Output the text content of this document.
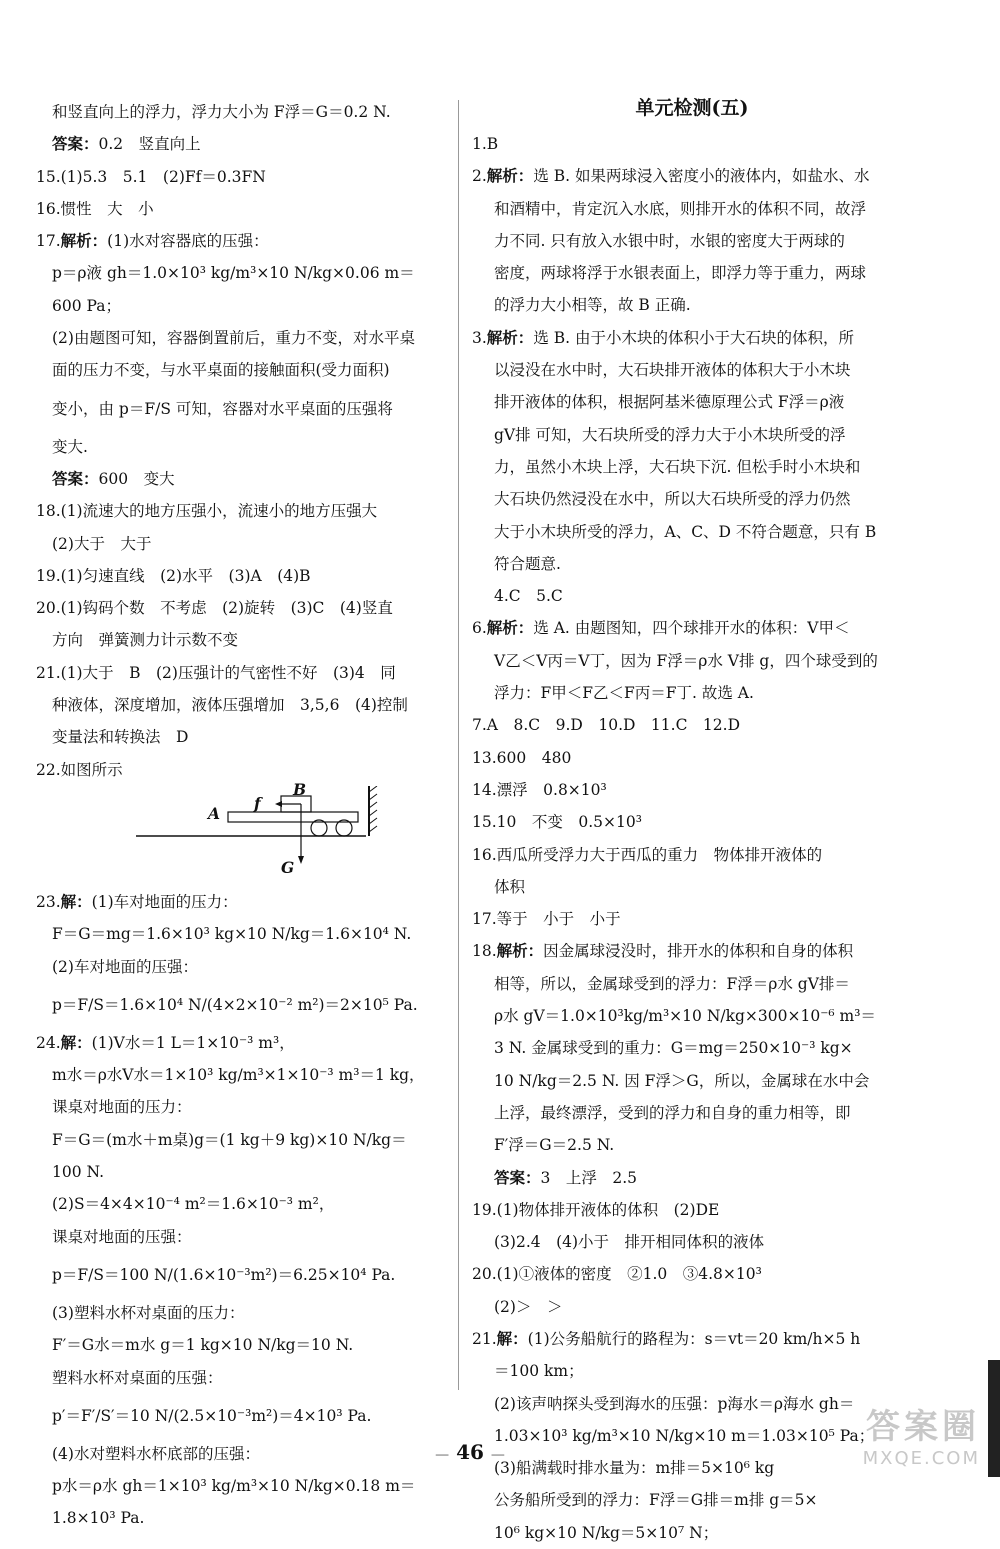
和竖直向上的浮力，浮力大小为 F浮＝G＝0.2 N.
答案：0.2　竖直向上
15.(1)5.3　5.1　(2)Ff＝0.3FN
16.惯性　大　小
17.解析：(1)水对容器底的压强：
p＝ρ液 gh＝1.0×10³ kg/m³×10 N/kg×0.06 m＝
600 Pa；
(2)由题图可知，容器倒置前后，重力不变，对水平桌
面的压力不变，与水平桌面的接触面积(受力面积)
变小，由 p＝F/S 可知，容器对水平桌面的压强将
变大.
答案：600　变大
18.(1)流速大的地方压强小，流速小的地方压强大
(2)大于　大于
19.(1)匀速直线　(2)水平　(3)A　(4)B
20.(1)钩码个数　不考虑　(2)旋转　(3)C　(4)竖直
方向　弹簧测力计示数不变
21.(1)大于　B　(2)压强计的气密性不好　(3)4　同
种液体，深度增加，液体压强增加　3,5,6　(4)控制
变量法和转换法　D
22.如图所示
B
f
A
G
23.解：(1)车对地面的压力：
F＝G＝mg＝1.6×10³ kg×10 N/kg＝1.6×10⁴ N.
(2)车对地面的压强：
p＝F/S＝1.6×10⁴ N/(4×2×10⁻² m²)＝2×10⁵ Pa.
24.解：(1)V水＝1 L＝1×10⁻³ m³，
m水＝ρ水V水＝1×10³ kg/m³×1×10⁻³ m³＝1 kg，
课桌对地面的压力：
F＝G＝(m水＋m桌)g＝(1 kg＋9 kg)×10 N/kg＝
100 N.
(2)S＝4×4×10⁻⁴ m²＝1.6×10⁻³ m²，
课桌对地面的压强：
p＝F/S＝100 N/(1.6×10⁻³m²)＝6.25×10⁴ Pa.
(3)塑料水杯对桌面的压力：
F′＝G水＝m水 g＝1 kg×10 N/kg＝10 N.
塑料水杯对桌面的压强：
p′＝F′/S′＝10 N/(2.5×10⁻³m²)＝4×10³ Pa.
(4)水对塑料水杯底部的压强：
p水＝ρ水 gh＝1×10³ kg/m³×10 N/kg×0.18 m＝
1.8×10³ Pa.
单元检测(五)
1.B
2.解析：选 B. 如果两球浸入密度小的液体内，如盐水、水
和酒精中，肯定沉入水底，则排开水的体积不同，故浮
力不同. 只有放入水银中时，水银的密度大于两球的
密度，两球将浮于水银表面上，即浮力等于重力，两球
的浮力大小相等，故 B 正确.
3.解析：选 B. 由于小木块的体积小于大石块的体积，所
以浸没在水中时，大石块排开液体的体积大于小木块
排开液体的体积，根据阿基米德原理公式 F浮＝ρ液
gV排 可知，大石块所受的浮力大于小木块所受的浮
力，虽然小木块上浮，大石块下沉. 但松手时小木块和
大石块仍然浸没在水中，所以大石块所受的浮力仍然
大于小木块所受的浮力，A、C、D 不符合题意，只有 B
符合题意.
4.C　5.C
6.解析：选 A. 由题图知，四个球排开水的体积：V甲＜
V乙＜V丙＝V丁，因为 F浮＝ρ水 V排 g，四个球受到的
浮力：F甲＜F乙＜F丙＝F丁. 故选 A.
7.A　8.C　9.D　10.D　11.C　12.D
13.600　480
14.漂浮　0.8×10³
15.10　不变　0.5×10³
16.西瓜所受浮力大于西瓜的重力　物体排开液体的
体积
17.等于　小于　小于
18.解析：因金属球浸没时，排开水的体积和自身的体积
相等，所以，金属球受到的浮力：F浮＝ρ水 gV排＝
ρ水 gV＝1.0×10³kg/m³×10 N/kg×300×10⁻⁶ m³＝
3 N. 金属球受到的重力：G＝mg＝250×10⁻³ kg×
10 N/kg＝2.5 N. 因 F浮＞G，所以，金属球在水中会
上浮，最终漂浮，受到的浮力和自身的重力相等，即
F′浮＝G＝2.5 N.
答案：3　上浮　2.5
19.(1)物体排开液体的体积　(2)DE
(3)2.4　(4)小于　排开相同体积的液体
20.(1)①液体的密度　②1.0　③4.8×10³
(2)＞　＞
21.解：(1)公务船航行的路程为：s＝vt＝20 km/h×5 h
＝100 km；
(2)该声呐探头受到海水的压强：p海水＝ρ海水 gh＝
1.03×10³ kg/m³×10 N/kg×10 m＝1.03×10⁵ Pa；
(3)船满载时排水量为：m排＝5×10⁶ kg
公务船所受到的浮力：F浮＝G排＝m排 g＝5×
10⁶ kg×10 N/kg＝5×10⁷ N；
— 46 —
答案圈
MXQE.COM
